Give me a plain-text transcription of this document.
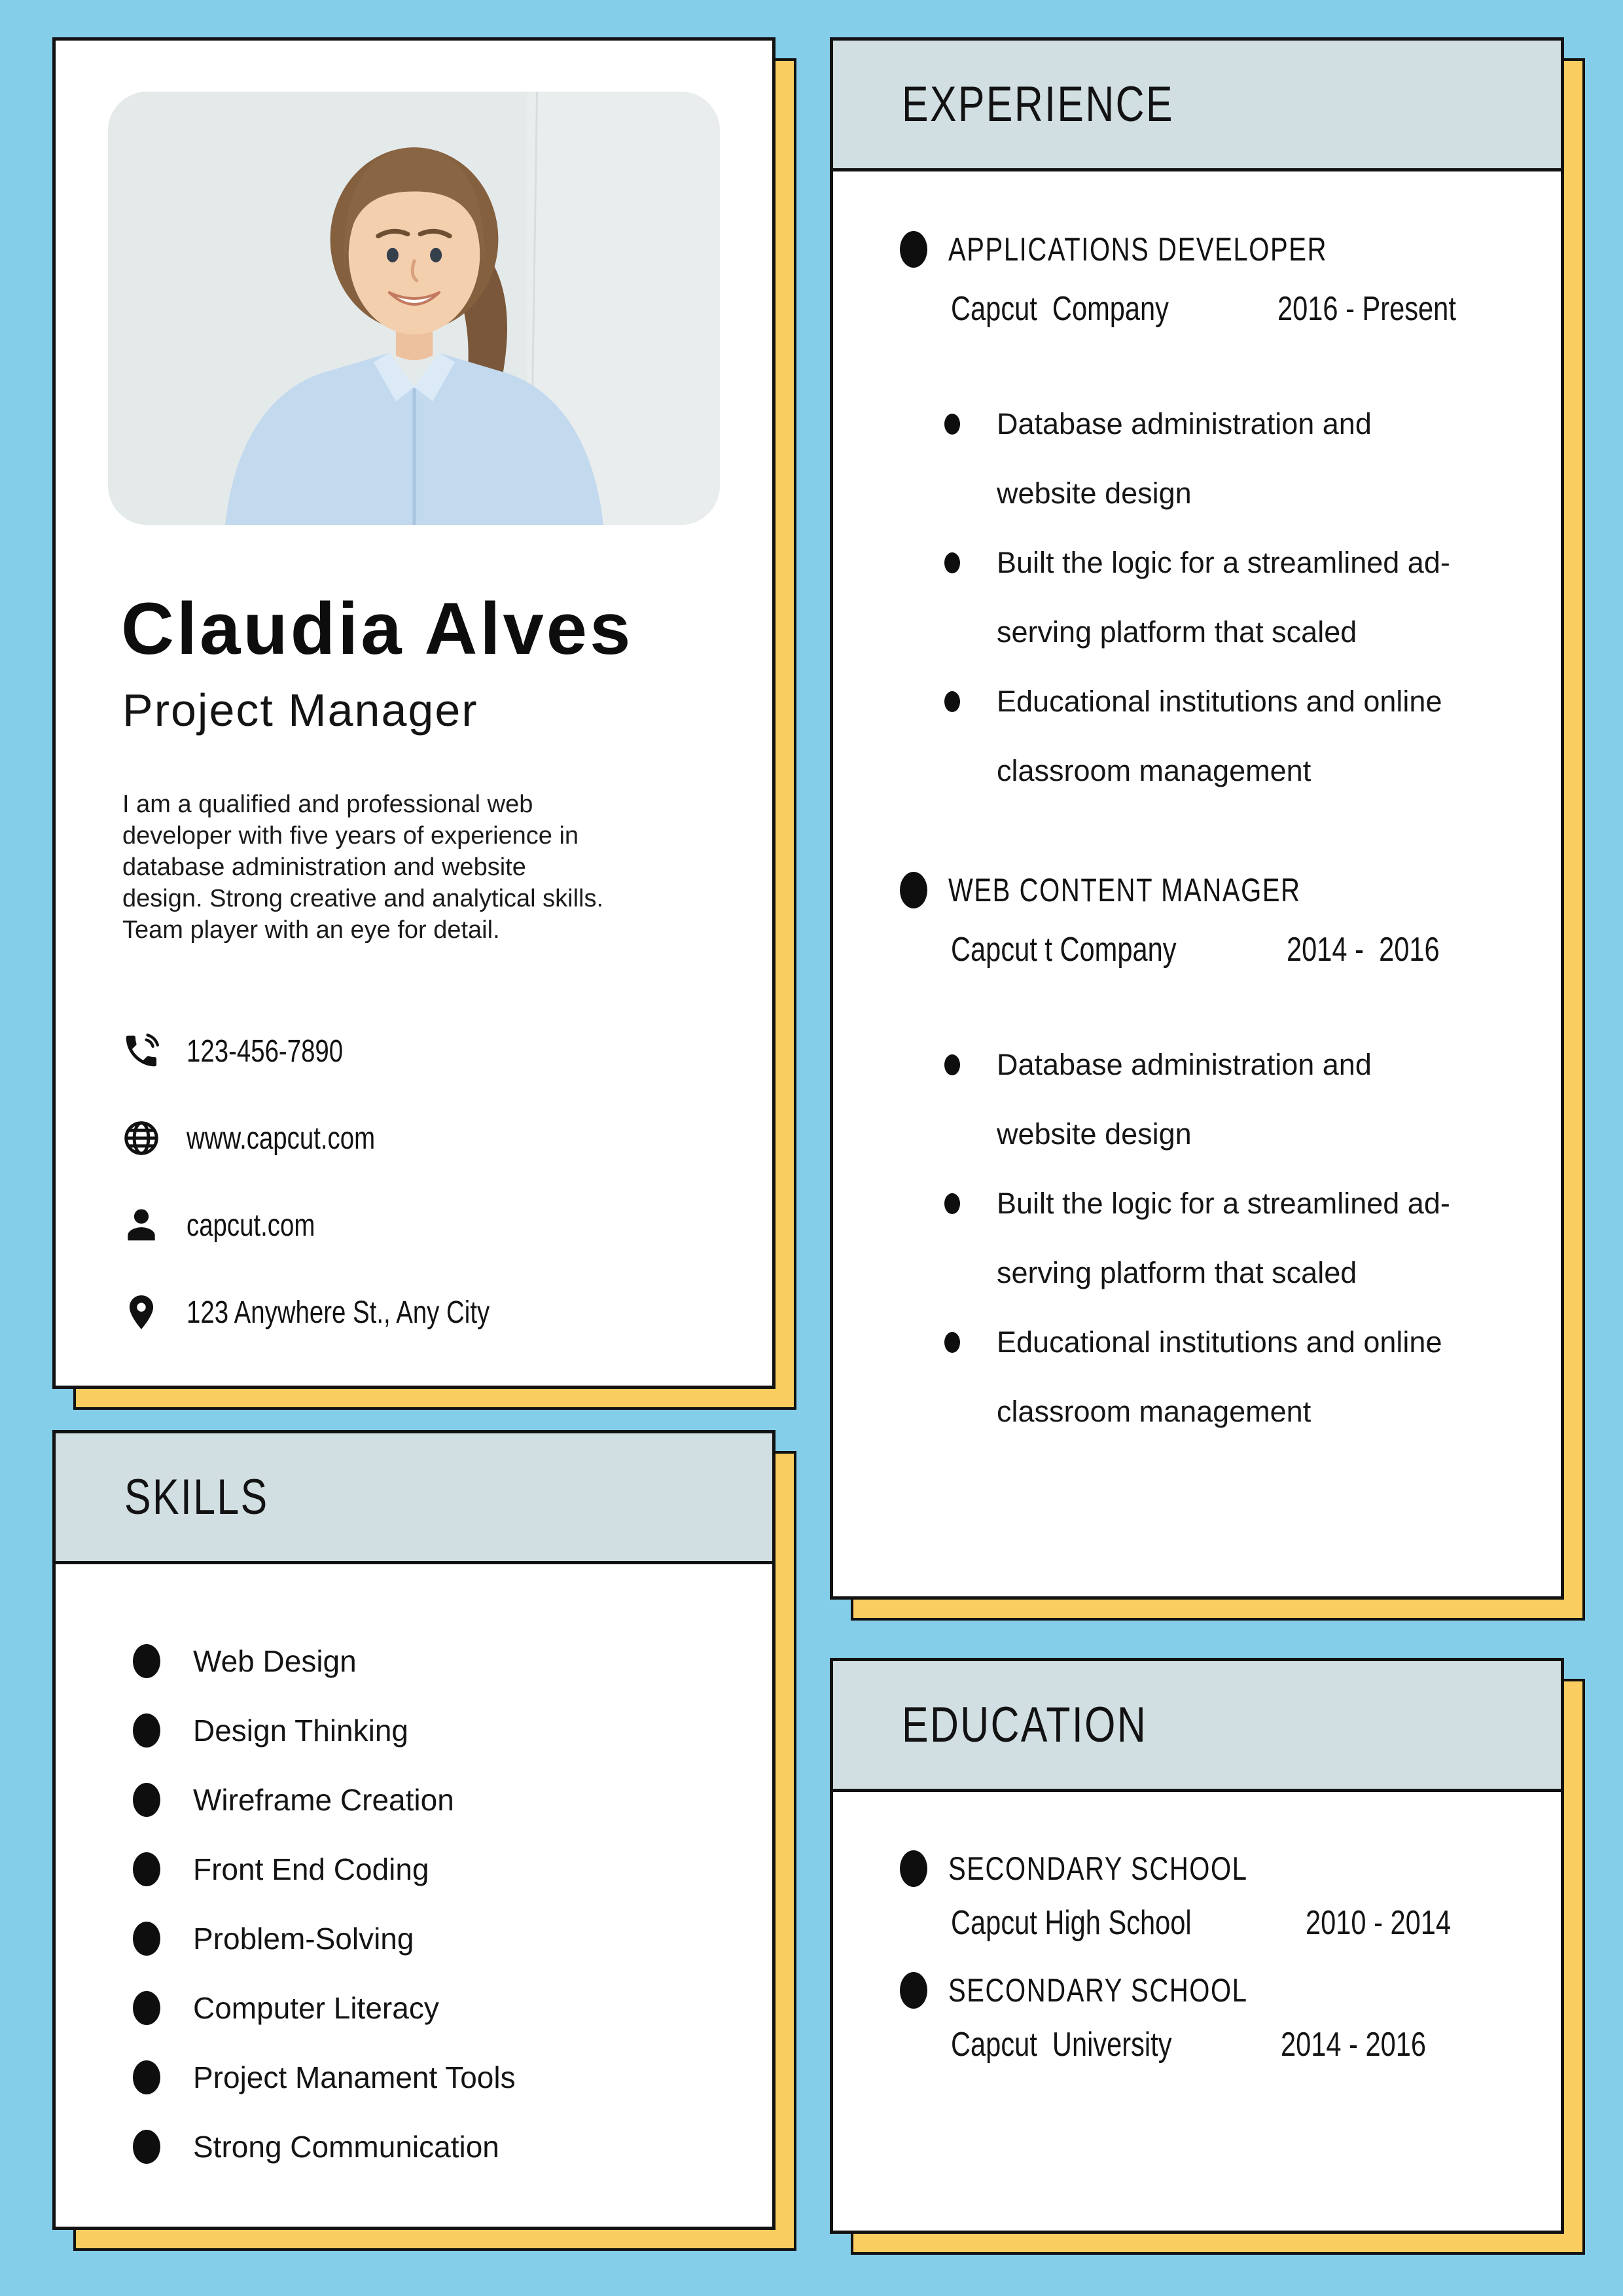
Claudia Alves
Project Manager
I am a qualified and professional web
developer with five years of experience in
database administration and website
design. Strong creative and analytical skills.
Team player with an eye for detail.
123-456-7890
www.capcut.com
capcut.com
123 Anywhere St., Any City
SKILLS
Web Design
Design Thinking
Wireframe Creation
Front End Coding
Problem-Solving
Computer Literacy
Project Manament Tools
Strong Communication
EXPERIENCE
APPLICATIONS DEVELOPER
Capcut  Company	2016 - Present
Database administration and
website design
Built the logic for a streamlined ad-
serving platform that scaled
Educational institutions and online
classroom management
WEB CONTENT MANAGER
Capcut t Company	2014 -  2016
Database administration and
website design
Built the logic for a streamlined ad-
serving platform that scaled
Educational institutions and online
classroom management
EDUCATION
SECONDARY SCHOOL
Capcut High School	2010 - 2014
SECONDARY SCHOOL
Capcut  University	2014 - 2016
